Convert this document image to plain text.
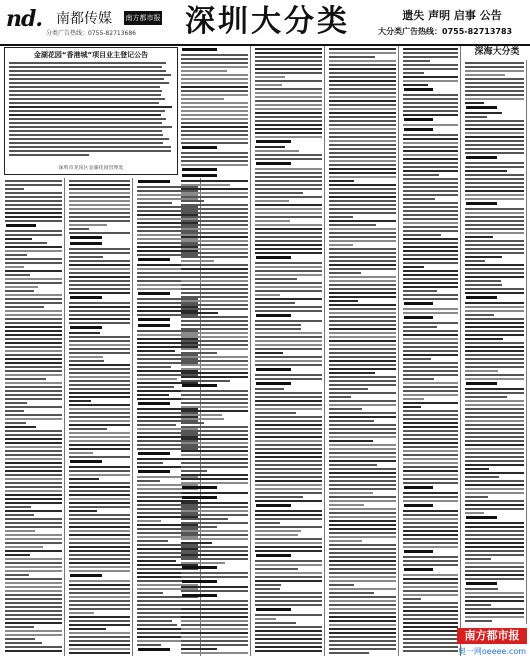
nd. 南都传媒 南方都市报
分类广告热线：0755-82713686 深圳大分类	遗失 声明 启事 公告
大分类广告热线：0755-82713783
金湖花园“香港城”项目业主登记公告
深圳市龙岗区金湖花园管理处
深海大分类
南方都市报
奥一网oeeee.com
